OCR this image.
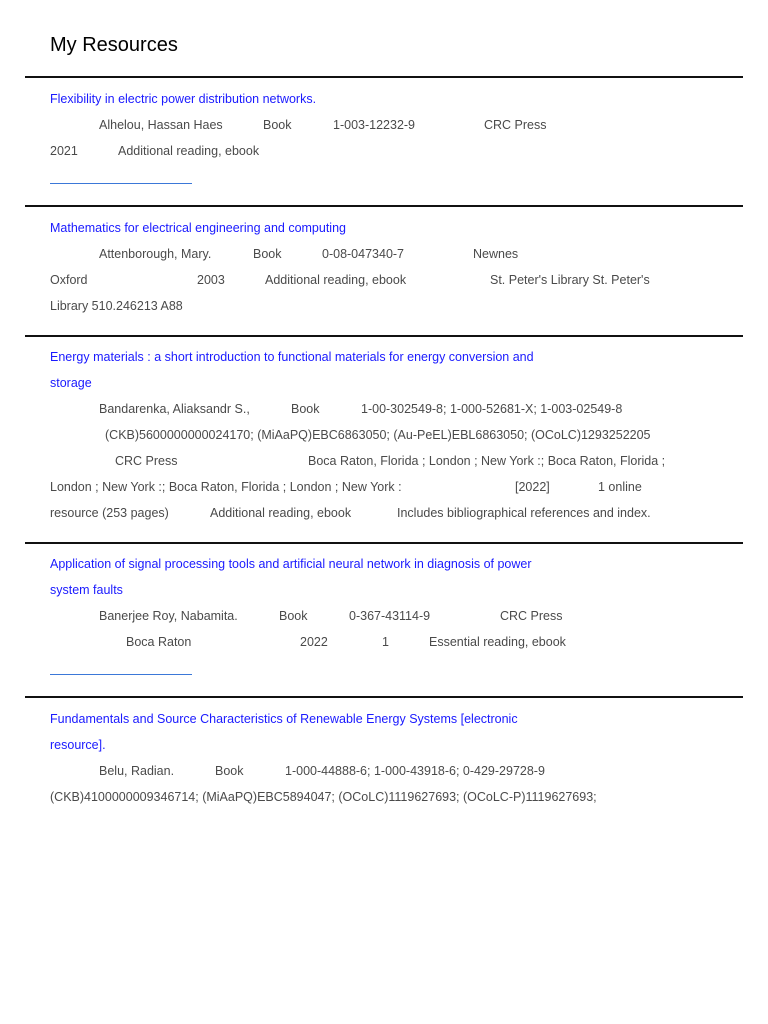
My Resources
Flexibility in electric power distribution networks.
Alhelou, Hassan Haes	Book	1-003-12232-9	CRC Press
2021	Additional reading, ebook
Mathematics for electrical engineering and computing
Attenborough, Mary.	Book	0-08-047340-7	Newnes
Oxford	2003	Additional reading, ebook	St. Peter's Library St. Peter's
Library 510.246213 A88
Energy materials : a short introduction to functional materials for energy conversion and
storage
Bandarenka, Aliaksandr S.,	Book	1-00-302549-8; 1-000-52681-X; 1-003-02549-8
(CKB)5600000000024170; (MiAaPQ)EBC6863050; (Au-PeEL)EBL6863050; (OCoLC)1293252205
CRC Press	Boca Raton, Florida ; London ; New York :; Boca Raton, Florida ;
London ; New York :; Boca Raton, Florida ; London ; New York :	[2022]	1 online
resource (253 pages)	Additional reading, ebook	Includes bibliographical references and index.
Application of signal processing tools and artificial neural network in diagnosis of power
system faults
Banerjee Roy, Nabamita.	Book	0-367-43114-9	CRC Press
Boca Raton	2022	1	Essential reading, ebook
Fundamentals and Source Characteristics of Renewable Energy Systems [electronic
resource].
Belu, Radian.	Book	1-000-44888-6; 1-000-43918-6; 0-429-29728-9
(CKB)4100000009346714; (MiAaPQ)EBC5894047; (OCoLC)1119627693; (OCoLC-P)1119627693;
